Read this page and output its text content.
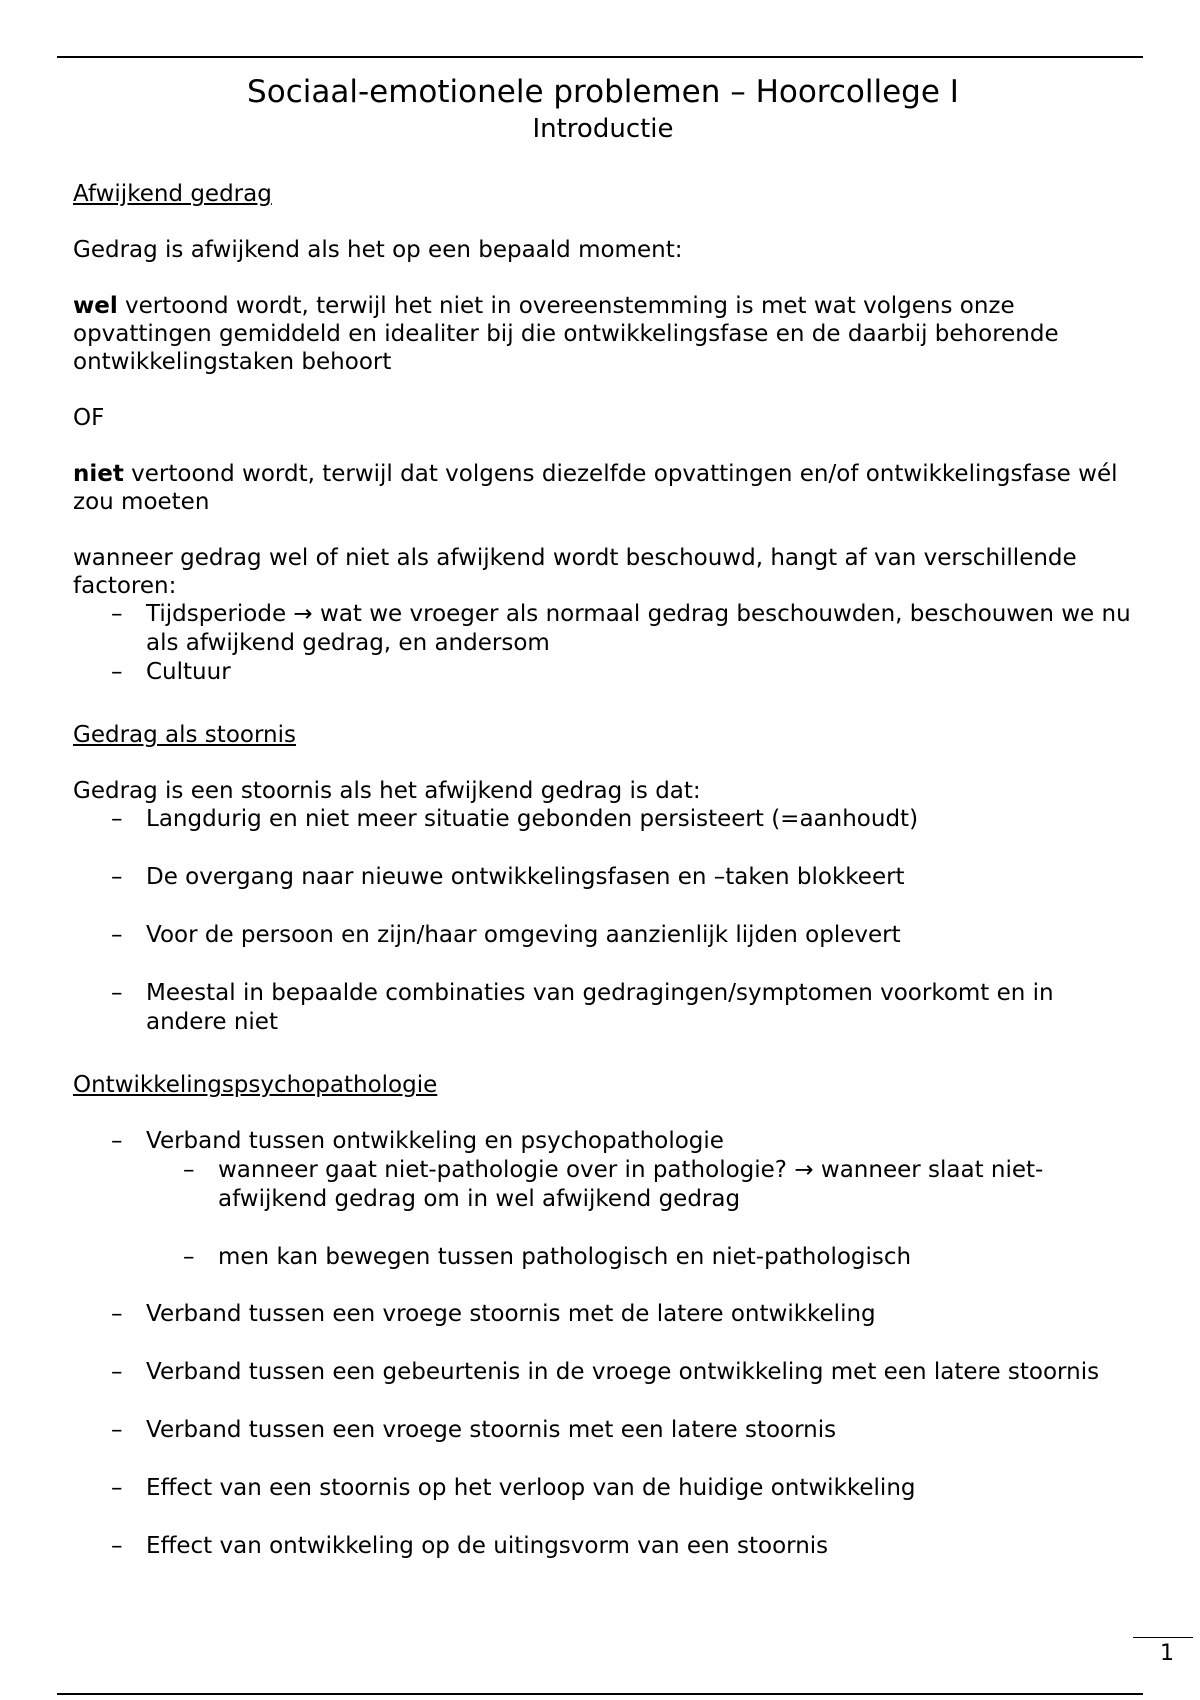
Sociaal-emotionele problemen – Hoorcollege I
Introductie
Afwijkend gedrag

Gedrag is afwijkend als het op een bepaald moment:

wel vertoond wordt, terwijl het niet in overeenstemming is met wat volgens onze opvattingen gemiddeld en idealiter bij die ontwikkelingsfase en de daarbij behorende ontwikkelingstaken behoort

OF

niet vertoond wordt, terwijl dat volgens diezelfde opvattingen en/of ontwikkelingsfase wél zou moeten

wanneer gedrag wel of niet als afwijkend wordt beschouwd, hangt af van verschillende factoren:

– Tijdsperiode → wat we vroeger als normaal gedrag beschouwden, beschouwen we nu als afwijkend gedrag, en andersom
– Cultuur
Gedrag als stoornis

Gedrag is een stoornis als het afwijkend gedrag is dat:

– Langdurig en niet meer situatie gebonden persisteert (=aanhoudt)
– De overgang naar nieuwe ontwikkelingsfasen en –taken blokkeert
– Voor de persoon en zijn/haar omgeving aanzienlijk lijden oplevert
– Meestal in bepaalde combinaties van gedragingen/symptomen voorkomt en in andere niet
Ontwikkelingspsychopathologie
– Verband tussen ontwikkeling en psychopathologie
– wanneer gaat niet-pathologie over in pathologie? → wanneer slaat niet-afwijkend gedrag om in wel afwijkend gedrag
– men kan bewegen tussen pathologisch en niet-pathologisch
– Verband tussen een vroege stoornis met de latere ontwikkeling
– Verband tussen een gebeurtenis in de vroege ontwikkeling met een latere stoornis
– Verband tussen een vroege stoornis met een latere stoornis
– Effect van een stoornis op het verloop van de huidige ontwikkeling
– Effect van ontwikkeling op de uitingsvorm van een stoornis
1
